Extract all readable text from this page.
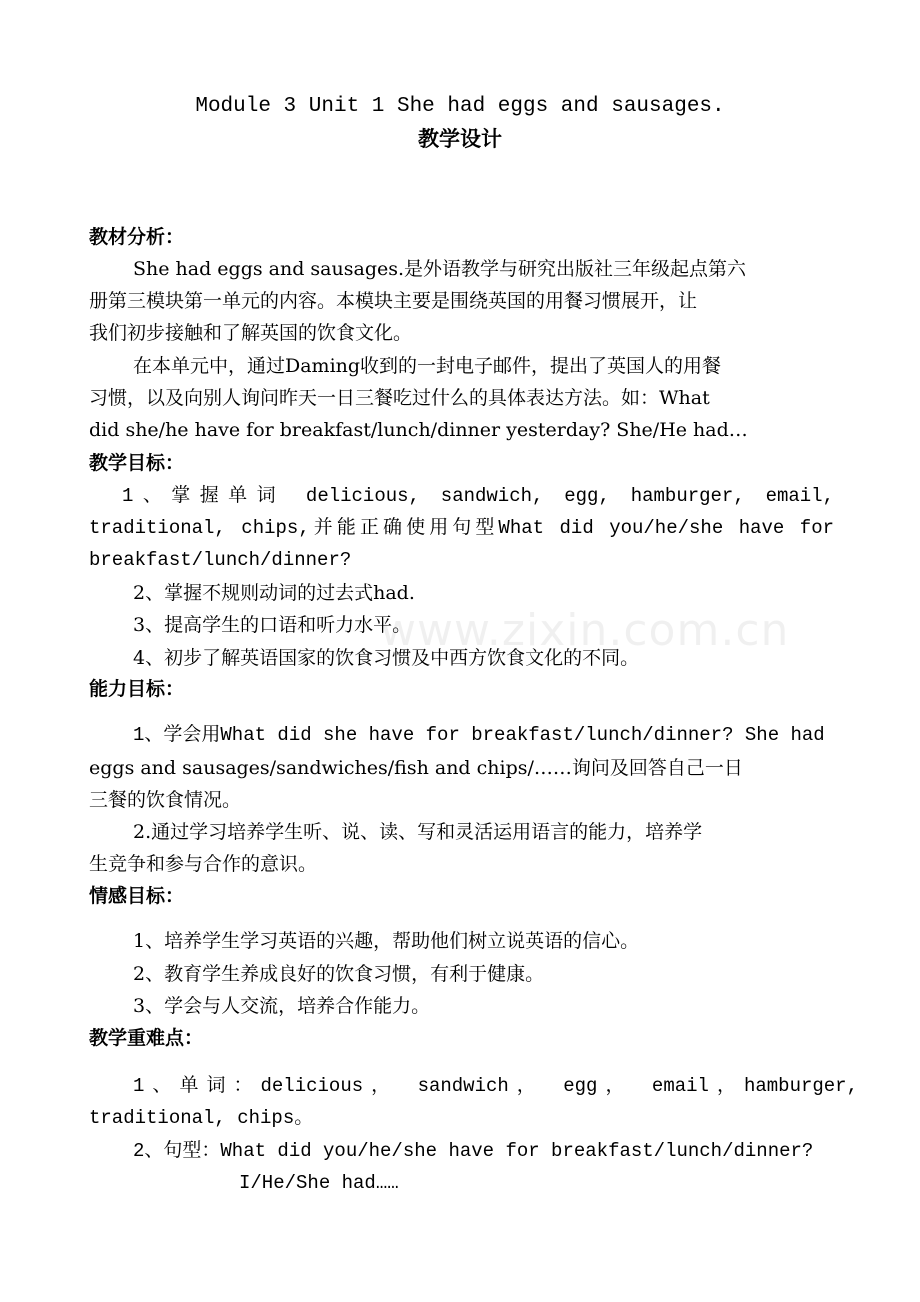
Module 3 Unit 1 She had eggs and sausages.
教学设计
教材分析：
She had eggs and sausages.是外语教学与研究出版社三年级起点第六
册第三模块第一单元的内容。本模块主要是围绕英国的用餐习惯展开，让
我们初步接触和了解英国的饮食文化。
在本单元中，通过Daming收到的一封电子邮件，提出了英国人的用餐
习惯，以及向别人询问昨天一日三餐吃过什么的具体表达方法。如：What
did she/he have for breakfast/lunch/dinner yesterday? She/He had…
教学目标：
1、掌握单词 delicious, sandwich, egg, hamburger, email,
traditional, chips,并能正确使用句型What did you/he/she have for
breakfast/lunch/dinner?
2、掌握不规则动词的过去式had.
3、提高学生的口语和听力水平。
4、初步了解英语国家的饮食习惯及中西方饮食文化的不同。
能力目标：
1、学会用What did she have for breakfast/lunch/dinner? She had
eggs and sausages/sandwiches/fish and chips/……询问及回答自己一日
三餐的饮食情况。
2.通过学习培养学生听、说、读、写和灵活运用语言的能力，培养学
生竞争和参与合作的意识。
情感目标：
1、培养学生学习英语的兴趣，帮助他们树立说英语的信心。
2、教育学生养成良好的饮食习惯，有利于健康。
3、学会与人交流，培养合作能力。
教学重难点：
1、单词：delicious， sandwich， egg， email，hamburger,
traditional, chips。
2、句型：What did you/he/she have for breakfast/lunch/dinner?
I/He/She had……
www.zixin.com.cn
